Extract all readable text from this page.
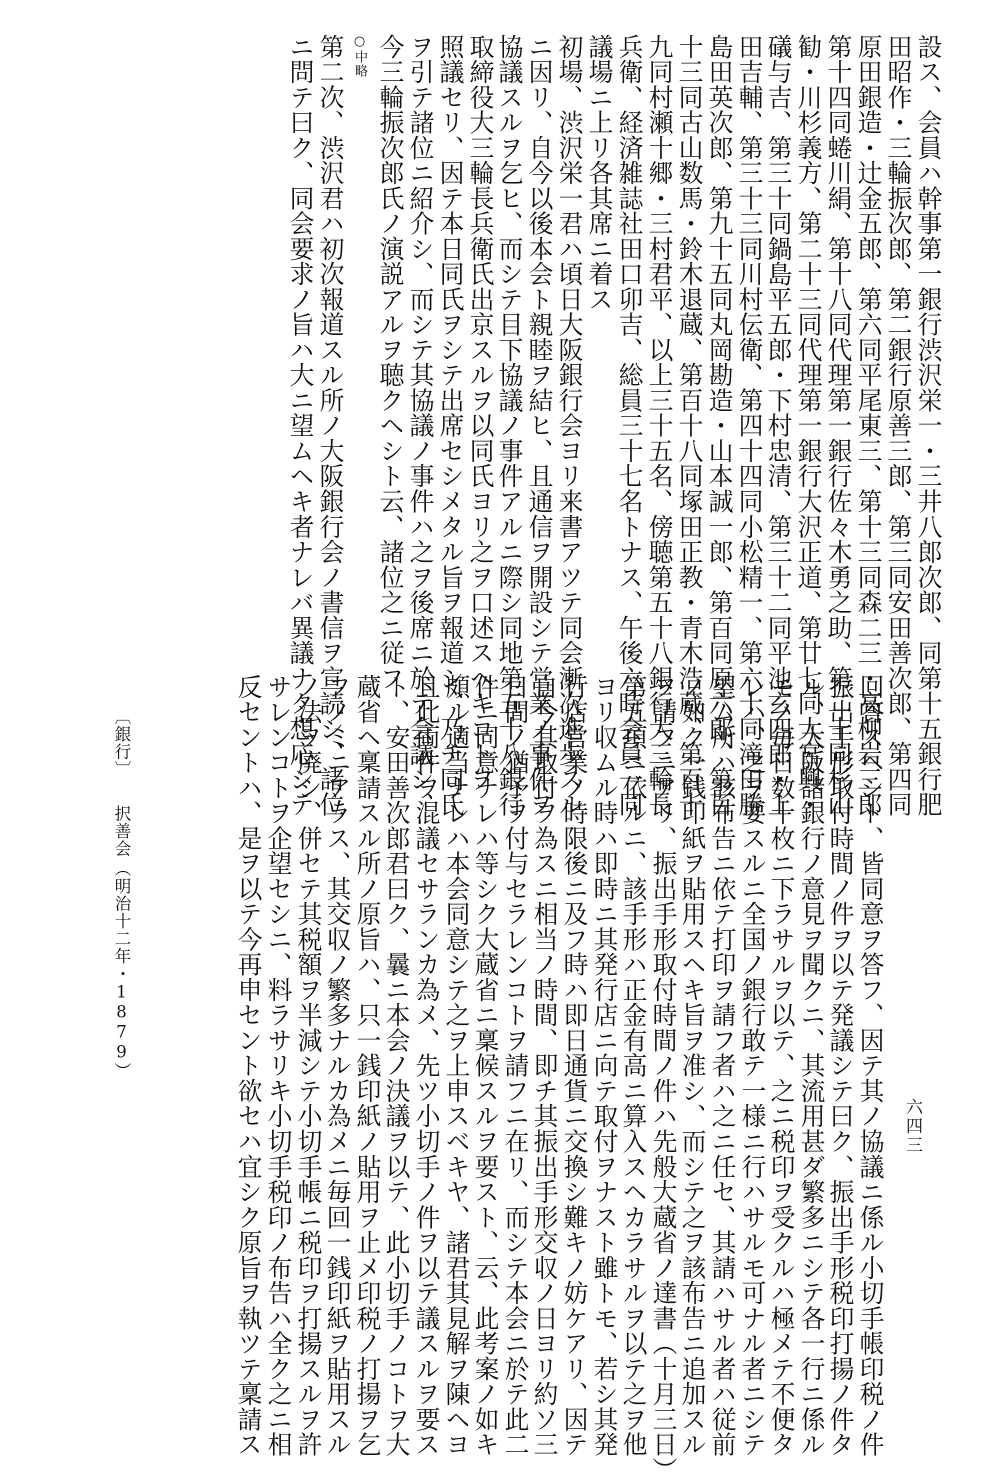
設ス、会員ハ幹事第一銀行渋沢栄一・三井八郎次郎、同第十五銀行肥
田昭作・三輪振次郎、第二銀行原善三郎、第三同安田善次郎、第四同
原田銀造・辻金五郎、第六同平尾東三、第十三同森二三・高柳岩三郎
第十四同蜷川絹、第十八同代理第一銀行佐々木勇之助、第二十同杉山
勧・川杉義方、第二十三同代理第一銀行大沢正道、第廿七同大宮興・
礒与吉、第三十同鍋島平五郎・下村忠清、第三十二同平池玄四郎・上
田吉輔、第三十三同川村伝衛、第四十四同小松精一、第六十同滝田勝
島田英次郎、第九十五同丸岡勘造・山本誠一郎、第百同原六郎、第百
十三同古山数馬・鈴木退蔵、第百十八同塚田正教・青木浩蔵、第百十
九同村瀬十郷・三村君平、以上三十五名、傍聴第五十八銀行大三輪長
兵衛、経済雑誌社田口卯吉、総員三十七名トナス、午後六時会員一同
議場ニ上リ各其席ニ着ス
初場、渋沢栄一君ハ頃日大阪銀行会ヨリ来書アツテ同会漸次進歩スル
ニ因リ、自今以後本会ト親睦ヲ結ヒ、且通信ヲ開設シテ営業ノ事件ヲ
協議スルヲ乞ヒ、而シテ目下協議ノ事件アルニ際シ同地第五十八銀行
取締役大三輪長兵衛氏出京スルヲ以同氏ヨリ之ヲ口述スヘキコトヲ
照議セリ、因テ本日同氏ヲシテ出席セシメタル旨ヲ報道シ、乃チ同氏
ヲ引テ諸位ニ紹介シ、而シテ其協議ノ事件ハ之ヲ後席ニ於テ会議シ、
今三輪振次郎氏ノ演説アルヲ聴クヘシト云、諸位之ニ従フ
○中略
第二次、渋沢君ハ初次報道スル所ノ大阪銀行会ノ書信ヲ宣読シ、諸位
ニ問テ曰ク、同会要求ノ旨ハ大ニ望ムヘキ者ナレバ異議ナク想応シテ
回答スヘシト、皆同意ヲ答フ、因テ其ノ協議ニ係ル小切手帳印税ノ件
振出手形取付時間ノ件ヲ以テ発議シテ曰ク、振出手形税印打揚ノ件タ
ル、大阪諸銀行ノ意見ヲ聞クニ、其流用甚ダ繁多ニシテ各一行ニ係ル
モノ毎日数十枚ニ下ラサルヲ以テ、之ニ税印ヲ受クルハ極メテ不便タ
レハ、之ヲ要スルニ全国ノ銀行敢テ一様ニ行ハサルモ可ナル者ニシテ
望ム所ハ該布告ニ依テ打印ヲ請フ者ハ之ニ任セ、其請ハサル者ハ従前
ノ如ク一銭印紙ヲ貼用スヘキ旨ヲ准シ、而シテ之ヲ該布告ニ追加スル
ヲ請フニアリ、振出手形取付時間ノ件ハ先般大蔵省ノ達書（十月三日）
第五項ニ依ルニ、該手形ハ正金有高ニ算入スヘカラサルヲ以テ之ヲ他
ヨリ収ムル時ハ即時ニ其発行店ニ向テ取付ヲナスト雖トモ、若シ其発
行店営業ノ時限後ニ及フ時ハ即日通貨ニ交換シ難キノ妨ケアリ、因テ
自今其取付ヲ為スニ相当ノ時間、即チ其振出手形交収ノ日ヨリ約ソ三
日間ノ猶予ヲ付与セラレンコトヲ請フニ在リ、而シテ本会ニ於テ此二
件ニ同意ナレハ等シク大蔵省ニ稟候スルヲ要スト、云、此考案ノ如キ
頗ル適当ナレハ本会同意シテ之ヲ上申スベキヤ、諸君其見解ヲ陳ヘヨ
且此両件ヲ混議セサランカ為メ、先ツ小切手ノ件ヲ以テ議スルヲ要ス
ト、安田善次郎君曰ク、曩ニ本会ノ決議ヲ以テ、此小切手ノコトヲ大
蔵省ヘ稟請スル所ノ原旨ハ、只一銭印紙ノ貼用ヲ止メ印税ノ打揚ヲ乞
フノミニアラス、其交収ノ繁多ナルカ為メニ毎回一銭印紙ヲ貼用スル
ノ法ヲ廃シ、併セテ其税額ヲ半減シテ小切手帳ニ税印ヲ打揚スルヲ許
サレンコトヲ企望セシニ、料ラサリキ小切手税印ノ布告ハ全ク之ニ相
反セントハ、是ヲ以テ今再申セント欲セハ宜シク原旨ヲ執ツテ稟請ス
〔銀行〕
択善会
（明治十二年・1879）
六四三
